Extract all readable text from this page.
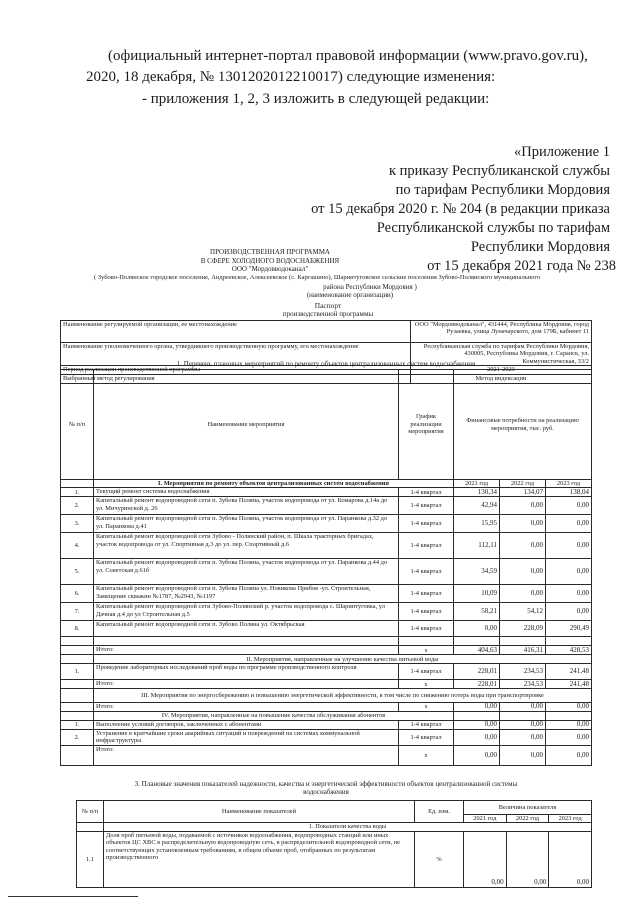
(официальный интернет-портал правовой информации (www.pravo.gov.ru),
2020, 18 декабря, № 1301202012210017) следующие изменения:
- приложения 1, 2, 3 изложить в следующей редакции:
«Приложение 1
к приказу Республиканской службы
по тарифам Республики Мордовия
от 15 декабря 2020 г. № 204 (в редакции приказа
Республиканской службы по тарифам
Республики Мордовия
от 15 декабря 2021 года № 238
ПРОИЗВОДСТВЕННАЯ ПРОГРАММА
В СФЕРЕ ХОЛОДНОГО ВОДОСНАБЖЕНИЯ
ООО "Мордовводоканал"
( Зубово-Полянское городское поселение, Андреевское, Алексеевское (с. Каргашино), Шаринтуговское сельские поселения Зубово-Полянского муниципального
района Республики Мордовия )
(наименование организации)
Паспорт
производственной программы
Наименование регулируемой организации, ее местонахождение	ООО "Мордовводоканал", 431444, Республика Мордовия, город Рузаевка, улица Луначарского, дом 179Б, кабинет 11
Наименование уполномоченного органа, утвердившего производственную программу, его местонахождение	Республиканская служба по тарифам Республики Мордовия, 430005, Республика Мордовия, г. Саранск, ул. Коммунистическая, 33/2
Период реализации производственной программы	2021-2023
Выбранный метод регулирования	Метод индексации
1. Перечень плановых мероприятий по ремонту объектов централизованных систем водоснабжения
№ п/п	Наименование мероприятия	График реализации мероприятия	Финансовые потребности на реализацию мероприятия, тыс. руб.		
	I. Мероприятия по ремонту объектов централизованных систем водоснабжения		2021 год	2022 год	2023 год
1.	Текущий ремонт системы водоснабжения	1-4 квартал	130,34	134,07	138,04
2.	Капитальный ремонт водопроводной сети п. Зубова Поляна, участок водопровода от ул. Комарова д.14а до ул. Мичуринской д. 26	1-4 квартал	42,94	0,00	0,00
3.	Капитальный ремонт водопроводной сети п. Зубова Поляна, участок водопровода от ул. Паранкова д.32 до ул. Паранкова д.41	1-4 квартал	15,95	0,00	0,00
4.	Капитальный ремонт водопроводной сети Зубово - Полянский район, п. Шкала тракторных бригадах, участок водопровода от ул. Спортивная д.3 до ул. пер. Спортивный д.6	1-4 квартал	112,11	0,00	0,00
5.	Капитальный ремонт водопроводной сети п. Зубова Поляна, участок водопровода от ул. Паранкова д.44 до ул. Советская д.61б	1-4 квартал	34,59	0,00	0,00
6.	Капитальный ремонт водопроводной сети п. Зубова Поляна ул. Новикова Прибоя -ул. Строительная, Замещение скважин №1787, №2943, №1197	1-4 квартал	10,09	0,00	0,00
7.	Капитальный ремонт водопроводной сети Зубово-Полянский р. участок водопровода с. Шаринтуговка, ул Дачная д.4 до ул Строительная д.5	1-4 квартал	58,21	54,12	0,00
8.	Капитальный ремонт водопроводной сети п. Зубово Поляна ул. Октябрьская	1-4 квартал	0,00	228,09	290,49

	Итого:	х	404,63	416,31	428,53
	II. Мероприятия, направленные на улучшение качества питьевой воды				
1.	Проведение лабораторных исследований проб воды по программе производственного контроля	1-4 квартал	228,01	234,53	241,48
	Итого:	х	228,01	234,53	241,48
	III. Мероприятия по энергосбережению и повышению энергетической эффективности, в том числе по снижению потерь воды при транспортировке				
	Итого:	х	0,00	0,00	0,00
	IV. Мероприятия, направленные на повышение качества обслуживания абонентов				
1.	Выполнение условий договоров, заключенных с абонентами	1-4 квартал	0,00	0,00	0,00
2.	Устранение в кратчайшие сроки аварийных ситуаций и повреждений на системах коммунальной инфраструктуры	1-4 квартал	0,00	0,00	0,00
	Итого:	х	0,00	0,00	0,00
3. Плановые значения показателей надежности, качества и энергетической эффективности объектов централизованной системы
водоснабжения
№ п/п	Наименование показателей	Ед. изм.	Величина показателя		
			2021 год	2022 год	2023 год
	1. Показатели качества воды				
1.1	Доля проб питьевой воды, подаваемой с источников водоснабжения, водопроводных станций или иных объектов ЦС ХВС в распределительную водопроводную сеть, в распределительной водопроводной сети, не соответствующих установленным требованиям, в общем объеме проб, отобранных по результатам производственного	%	0,00	0,00	0,00
